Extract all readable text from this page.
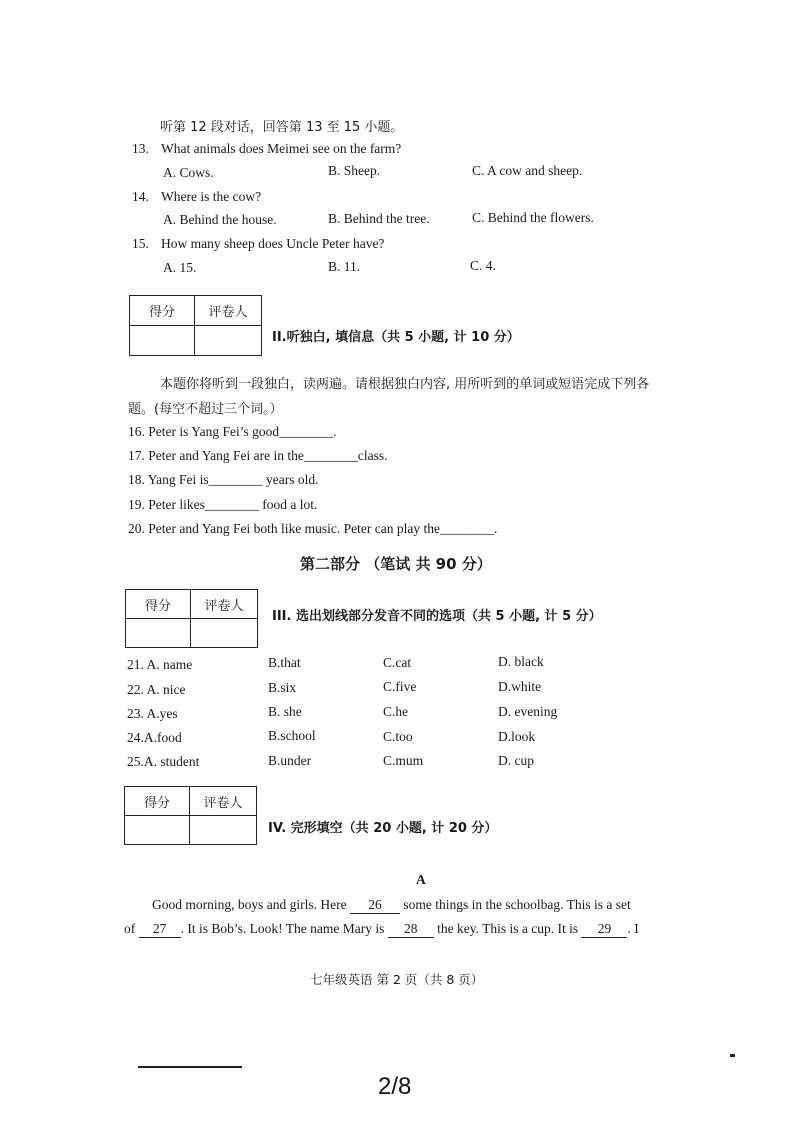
听第 12 段对话，回答第 13 至 15 小题。
13. What animals does Meimei see on the farm?
A. Cows.	B. Sheep.	C. A cow and sheep.
14. Where is the cow?
A. Behind the house.	B. Behind the tree.	C. Behind the flowers.
15. How many sheep does Uncle Peter have?
A. 15.	B. 11.	C. 4.
得分	评卷人

II.听独白, 填信息（共 5 小题, 计 10 分）
本题你将听到一段独白，读两遍。请根据独白内容, 用所听到的单词或短语完成下列各
题。(每空不超过三个词。）
16. Peter is Yang Fei’s good________.
17. Peter and Yang Fei are in the________class.
18. Yang Fei is________ years old.
19. Peter likes________ food a lot.
20. Peter and Yang Fei both like music. Peter can play the________.
第二部分 （笔试 共 90 分）
得分	评卷人

III. 选出划线部分发音不同的选项（共 5 小题, 计 5 分）
21. A. name	B.that	C.cat	D. black
22. A. nice	B.six	C.five	D.white
23. A.yes	B. she	C.he	D. evening
24.A.food	B.school	C.too	D.look
25.A. student	B.under	C.mum	D. cup
得分	评卷人

IV. 完形填空（共 20 小题, 计 20 分）
A
Good morning, boys and girls. Here 26 some things in the schoolbag. This is a set
of 27 . It is Bob’s. Look! The name Mary is 28 the key. This is a cup. It is 29 . I
七年级英语 第 2 页（共 8 页）
2/8
